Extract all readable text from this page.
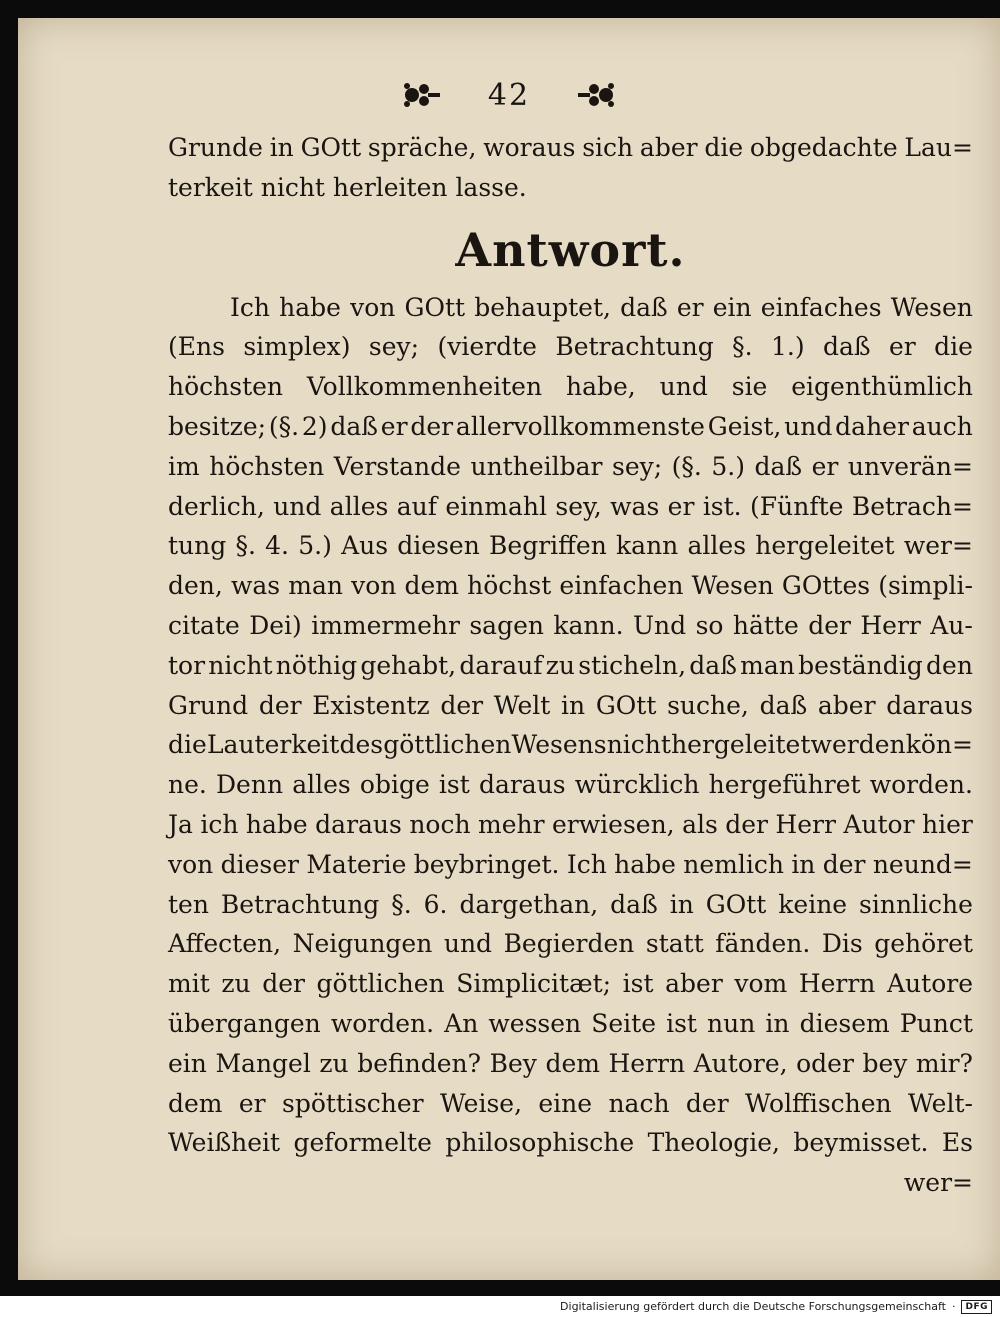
42
Grunde in GOtt spräche, woraus sich aber die obgedachte Lau=
terkeit nicht herleiten lasse.
Antwort.
Ich habe von GOtt behauptet, daß er ein einfaches Wesen
(Ens simplex) sey; (vierdte Betrachtung §. 1.) daß er die
höchsten Vollkommenheiten habe, und sie eigenthümlich
besitze; (§. 2) daß er der allervollkommenste Geist, und daher auch
im höchsten Verstande untheilbar sey; (§. 5.) daß er unverän=
derlich, und alles auf einmahl sey, was er ist. (Fünfte Betrach=
tung §. 4. 5.) Aus diesen Begriffen kann alles hergeleitet wer=
den, was man von dem höchst einfachen Wesen GOttes (simpli-
citate Dei) immermehr sagen kann. Und so hätte der Herr Au-
tor nicht nöthig gehabt, darauf zu sticheln, daß man beständig den
Grund der Existentz der Welt in GOtt suche, daß aber daraus
die Lauterkeit des göttlichen Wesens nicht hergeleitet werden kön=
ne. Denn alles obige ist daraus würcklich hergeführet worden.
Ja ich habe daraus noch mehr erwiesen, als der Herr Autor hier
von dieser Materie beybringet. Ich habe nemlich in der neund=
ten Betrachtung §. 6. dargethan, daß in GOtt keine sinnliche
Affecten, Neigungen und Begierden statt fänden. Dis gehöret
mit zu der göttlichen Simplicitæt; ist aber vom Herrn Autore
übergangen worden. An wessen Seite ist nun in diesem Punct
ein Mangel zu befinden? Bey dem Herrn Autore, oder bey mir?
dem er spöttischer Weise, eine nach der Wolffischen Welt-
Weißheit geformelte philosophische Theologie, beymisset. Es
wer=
Digitalisierung gefördert durch die Deutsche Forschungsgemeinschaft ·	DFG
